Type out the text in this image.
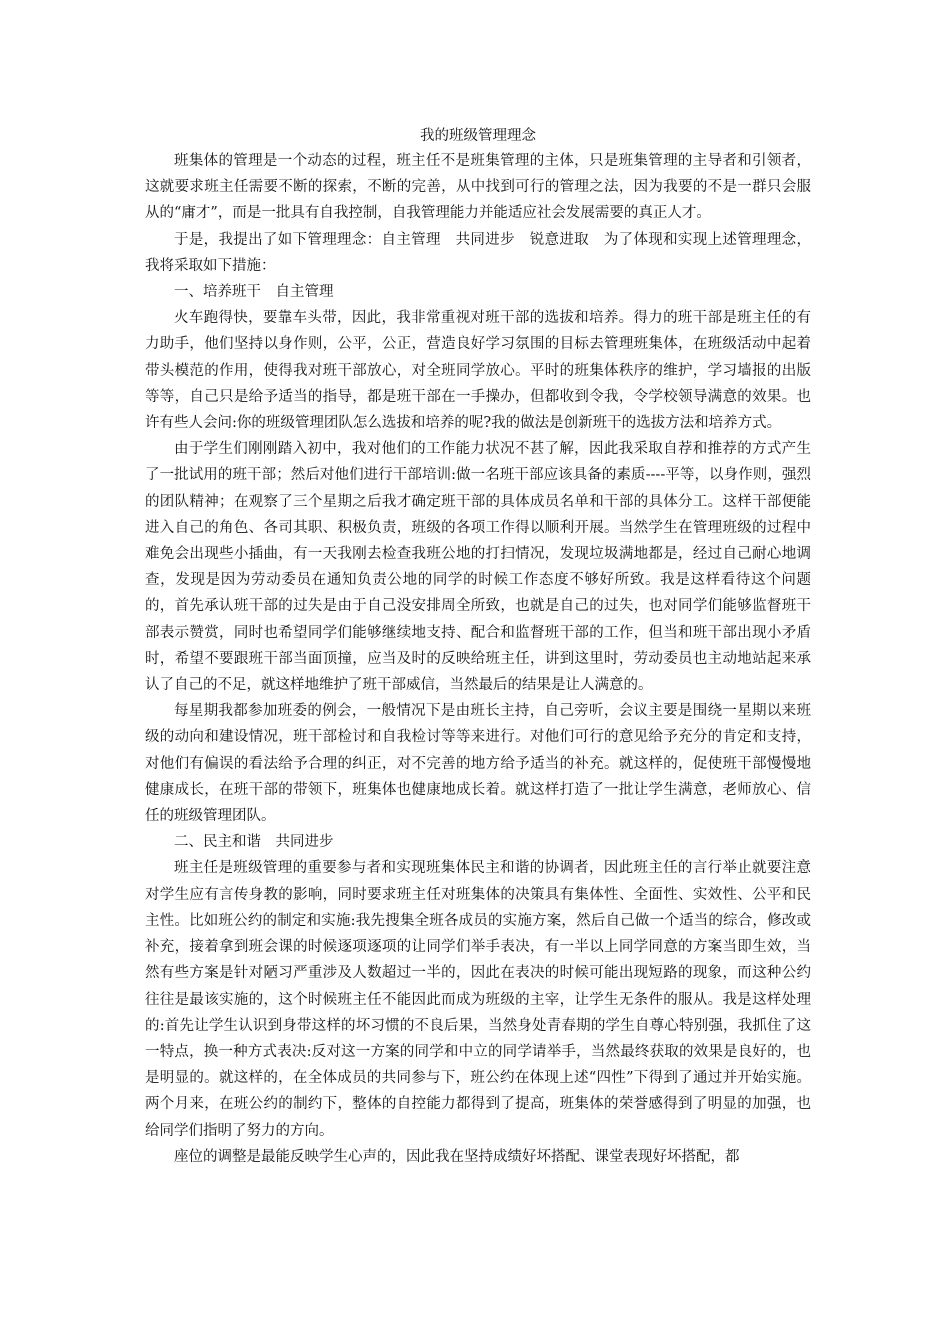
我的班级管理理念

班集体的管理是一个动态的过程，班主任不是班集管理的主体，只是班集管理的主导者和引领者，这就要求班主任需要不断的探索，不断的完善，从中找到可行的管理之法，因为我要的不是一群只会服从的“庸才”，而是一批具有自我控制，自我管理能力并能适应社会发展需要的真正人才。

于是，我提出了如下管理理念：自主管理　共同进步　锐意进取　为了体现和实现上述管理理念，我将采取如下措施：

一、培养班干　自主管理

火车跑得快，要靠车头带，因此，我非常重视对班干部的选拔和培养。得力的班干部是班主任的有力助手，他们坚持以身作则，公平，公正，营造良好学习氛围的目标去管理班集体，在班级活动中起着带头模范的作用，使得我对班干部放心，对全班同学放心。平时的班集体秩序的维护，学习墙报的出版等等，自己只是给予适当的指导，都是班干部在一手操办，但都收到令我，令学校领导满意的效果。也许有些人会问:你的班级管理团队怎么选拔和培养的呢?我的做法是创新班干的选拔方法和培养方式。

由于学生们刚刚踏入初中，我对他们的工作能力状况不甚了解，因此我采取自荐和推荐的方式产生了一批试用的班干部；然后对他们进行干部培训:做一名班干部应该具备的素质----平等，以身作则，强烈的团队精神；在观察了三个星期之后我才确定班干部的具体成员名单和干部的具体分工。这样干部便能进入自己的角色、各司其职、积极负责，班级的各项工作得以顺利开展。当然学生在管理班级的过程中难免会出现些小插曲，有一天我刚去检查我班公地的打扫情况，发现垃圾满地都是，经过自己耐心地调查，发现是因为劳动委员在通知负责公地的同学的时候工作态度不够好所致。我是这样看待这个问题的，首先承认班干部的过失是由于自己没安排周全所致，也就是自己的过失，也对同学们能够监督班干部表示赞赏，同时也希望同学们能够继续地支持、配合和监督班干部的工作，但当和班干部出现小矛盾时，希望不要跟班干部当面顶撞，应当及时的反映给班主任，讲到这里时，劳动委员也主动地站起来承认了自己的不足，就这样地维护了班干部威信，当然最后的结果是让人满意的。

每星期我都参加班委的例会，一般情况下是由班长主持，自己旁听，会议主要是围绕一星期以来班级的动向和建设情况，班干部检讨和自我检讨等等来进行。对他们可行的意见给予充分的肯定和支持，对他们有偏误的看法给予合理的纠正，对不完善的地方给予适当的补充。就这样的，促使班干部慢慢地健康成长，在班干部的带领下，班集体也健康地成长着。就这样打造了一批让学生满意，老师放心、信任的班级管理团队。

二、民主和谐　共同进步

班主任是班级管理的重要参与者和实现班集体民主和谐的协调者，因此班主任的言行举止就要注意对学生应有言传身教的影响，同时要求班主任对班集体的决策具有集体性、全面性、实效性、公平和民主性。比如班公约的制定和实施:我先搜集全班各成员的实施方案，然后自己做一个适当的综合，修改或补充，接着拿到班会课的时候逐项逐项的让同学们举手表决，有一半以上同学同意的方案当即生效，当然有些方案是针对陋习严重涉及人数超过一半的，因此在表决的时候可能出现短路的现象，而这种公约往往是最该实施的，这个时候班主任不能因此而成为班级的主宰，让学生无条件的服从。我是这样处理的:首先让学生认识到身带这样的坏习惯的不良后果，当然身处青春期的学生自尊心特别强，我抓住了这一特点，换一种方式表决:反对这一方案的同学和中立的同学请举手，当然最终获取的效果是良好的，也是明显的。就这样的，在全体成员的共同参与下，班公约在体现上述“四性”下得到了通过并开始实施。两个月来，在班公约的制约下，整体的自控能力都得到了提高，班集体的荣誉感得到了明显的加强，也给同学们指明了努力的方向。

座位的调整是最能反映学生心声的，因此我在坚持成绩好坏搭配、课堂表现好坏搭配，都
